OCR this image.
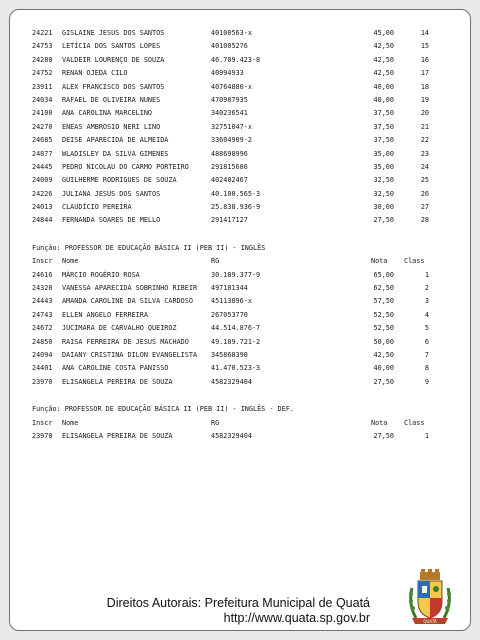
24221 GISLAINE JESUS DOS SANTOS	40100563-x	45,00	14
24753 LETÍCIA DOS SANTOS LOPES	401005276	42,50	15
24280 VALDEIR LOURENÇO DE SOUZA	46.709.423-8	42,50	16
24752 RENAN OJEDA CILO	40994933	42,50	17
23911 ALEX FRANCISCO DOS SANTOS	40764880-x	40,00	18
24034 RAFAEL DE OLIVEIRA NUNES	470987935	40,00	19
24100 ANA CAROLINA MARCELINO	340236541	37,50	20
24270 ENEAS AMBROSIO NERI LINO	32751047-x	37,50	21
24685 DEISE APARECIDA DE ALMEIDA	33604909-2	37,50	22
24877 WLADISLEY DA SILVA GIMENES	488698996	35,00	23
24445 PEDRO NICOLAU DO CARMO PORTEIRO	291815686	35,00	24
24009 GUILHERME RODRIGUES DE SOUZA	402402467	32,50	25
24226 JULIANA JESUS DOS SANTOS	40.100.565-3	32,50	26
24013 CLAUDÍCIO PEREIRA	25.838.936-9	30,00	27
24844 FERNANDA SOARES DE MELLO	291417127	27,50	28
Função: PROFESSOR DE EDUCAÇÃO BÁSICA II (PEB II) - INGLÊS
Inscr Nome	RG	Nota Class
24616 MÁRCIO ROGÉRIO ROSA	30.189.377-9	65,00	1
24320 VANESSA APARECIDA SOBRINHO RIBEIR 497181344	62,50	2
24443 AMANDA CAROLINE DA SILVA CARDOSO	45113896-x	57,50	3
24743 ELLEN ANGELO FERREIRA	267053770	52,50	4
24672 JUCIMARA DE CARVALHO QUEIROZ	44.514.876-7	52,50	5
24850 RAISA FERREIRA DE JESUS MACHADO	49.189.721-2	50,00	6
24094 DAIANY CRISTINA DILON EVANGELISTA 345868390	42,50	7
24401 ANA CAROLINE COSTA PANISSO	41.470.523-3	40,00	8
23970 ELISANGELA PEREIRA DE SOUZA	4582329404	27,50	9
Função: PROFESSOR DE EDUCAÇÃO BÁSICA II (PEB II) - INGLÊS - DEF.
Inscr Nome	RG	Nota Class
23970 ELISANGELA PEREIRA DE SOUZA	4582329404	27,50	1
Direitos Autorais: Prefeitura Municipal de Quatá
http://www.quata.sp.gov.br	QUATÁ
